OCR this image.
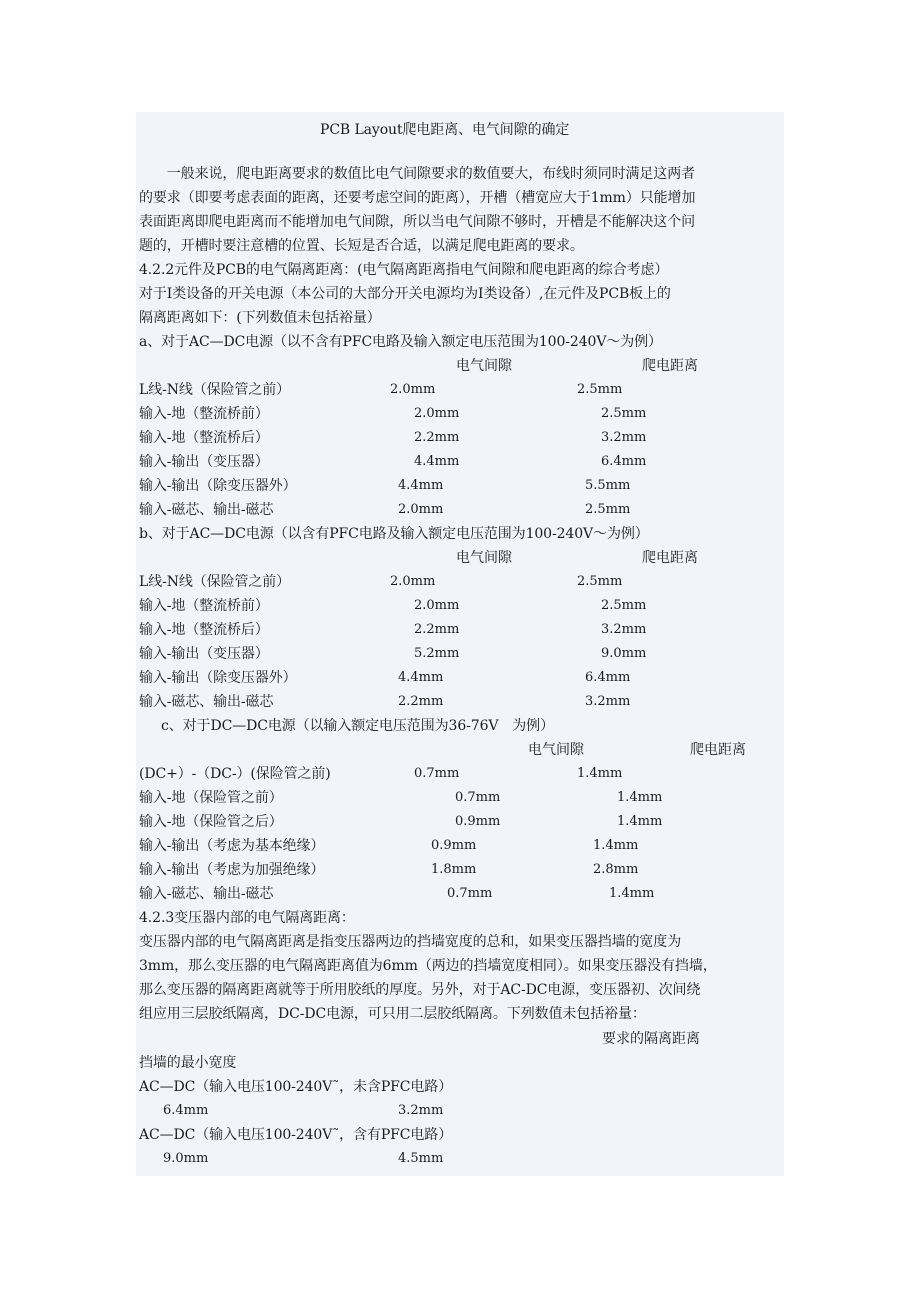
PCB Layout爬电距离、电气间隙的确定
　　一般来说，爬电距离要求的数值比电气间隙要求的数值要大，布线时须同时满足这两者
的要求（即要考虑表面的距离，还要考虑空间的距离），开槽（槽宽应大于1mm）只能增加
表面距离即爬电距离而不能增加电气间隙，所以当电气间隙不够时，开槽是不能解决这个问
题的，开槽时要注意槽的位置、长短是否合适，以满足爬电距离的要求。
4.2.2元件及PCB的电气隔离距离：(电气隔离距离指电气间隙和爬电距离的综合考虑）
对于Ⅰ类设备的开关电源（本公司的大部分开关电源均为Ⅰ类设备）,在元件及PCB板上的
隔离距离如下：(下列数值未包括裕量）
a、对于AC—DC电源（以不含有PFC电路及输入额定电压范围为100-240V～为例）
电气间隙	爬电距离
L线-N线（保险管之前）	2.0mm	2.5mm
输入-地（整流桥前）	2.0mm	2.5mm
输入-地（整流桥后）	2.2mm	3.2mm
输入-输出（变压器）	4.4mm	6.4mm
输入-输出（除变压器外）	4.4mm	5.5mm
输入-磁芯、输出-磁芯	2.0mm	2.5mm
b、对于AC—DC电源（以含有PFC电路及输入额定电压范围为100-240V～为例）
电气间隙	爬电距离
L线-N线（保险管之前）	2.0mm	2.5mm
输入-地（整流桥前）	2.0mm	2.5mm
输入-地（整流桥后）	2.2mm	3.2mm
输入-输出（变压器）	5.2mm	9.0mm
输入-输出（除变压器外）	4.4mm	6.4mm
输入-磁芯、输出-磁芯	2.2mm	3.2mm
c、对于DC—DC电源（以输入额定电压范围为36-76V　为例）
电气间隙	爬电距离
(DC+）-（DC-）(保险管之前)	0.7mm	1.4mm
输入-地（保险管之前）	0.7mm	1.4mm
输入-地（保险管之后）	0.9mm	1.4mm
输入-输出（考虑为基本绝缘）	0.9mm	1.4mm
输入-输出（考虑为加强绝缘）	1.8mm	2.8mm
输入-磁芯、输出-磁芯	0.7mm	1.4mm
4.2.3变压器内部的电气隔离距离：
变压器内部的电气隔离距离是指变压器两边的挡墙宽度的总和，如果变压器挡墙的宽度为
3mm，那么变压器的电气隔离距离值为6mm（两边的挡墙宽度相同）。如果变压器没有挡墙，
那么变压器的隔离距离就等于所用胶纸的厚度。另外，对于AC-DC电源，变压器初、次间绕
组应用三层胶纸隔离，DC-DC电源，可只用二层胶纸隔离。下列数值未包括裕量：
要求的隔离距离
挡墙的最小宽度
AC—DC（输入电压100-240V˜，未含PFC电路）
6.4mm	3.2mm
AC—DC（输入电压100-240V˜，含有PFC电路）
9.0mm	4.5mm
